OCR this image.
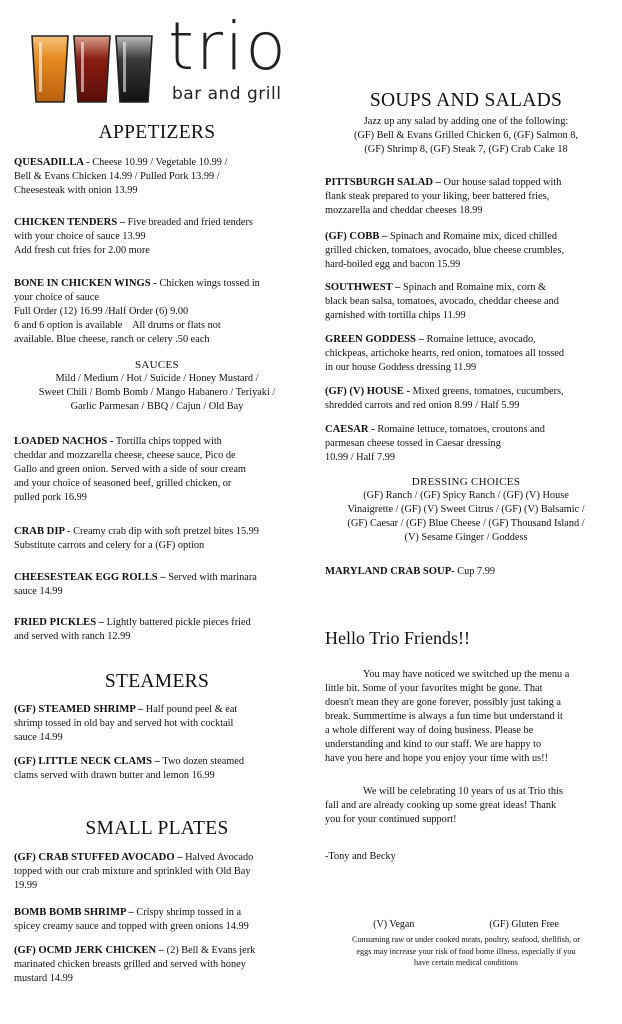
trio
bar and grill
APPETIZERS
QUESADILLA - Cheese 10.99 / Vegetable 10.99 /
Bell & Evans Chicken 14.99 / Pulled Pork 13.99 /
Cheesesteak with onion 13.99
CHICKEN TENDERS – Five breaded and fried tenders
with your choice of sauce 13.99
Add fresh cut fries for 2.00 more
BONE IN CHICKEN WINGS - Chicken wings tossed in
your choice of sauce
Full Order (12) 16.99 /Half Order (6) 9.00
6 and 6 option is available    All drums or flats not
available. Blue cheese, ranch or celery .50 each
SAUCES
Mild / Medium / Hot / Suicide / Honey Mustard /
Sweet Chili / Bomb Bomb / Mango Habanero / Teriyaki /
Garlic Parmesan / BBQ / Cajun / Old Bay
LOADED NACHOS - Tortilla chips topped with
cheddar and mozzarella cheese, cheese sauce, Pico de
Gallo and green onion. Served with a side of sour cream
and your choice of seasoned beef, grilled chicken, or
pulled pork 16.99
CRAB DIP - Creamy crab dip with soft pretzel bites 15.99
Substitute carrots and celery for a (GF) option
CHEESESTEAK EGG ROLLS – Served with marinara
sauce 14.99
FRIED PICKLES – Lightly battered pickle pieces fried
and served with ranch 12.99
STEAMERS
(GF) STEAMED SHRIMP – Half pound peel & eat
shrimp tossed in old bay and served hot with cocktail
sauce 14.99
(GF) LITTLE NECK CLAMS – Two dozen steamed
clams served with drawn butter and lemon 16.99
SMALL PLATES
(GF) CRAB STUFFED AVOCADO – Halved Avocado
topped with our crab mixture and sprinkled with Old Bay
19.99
BOMB BOMB SHRIMP – Crispy shrimp tossed in a
spicey creamy sauce and topped with green onions 14.99
(GF) OCMD JERK CHICKEN – (2) Bell & Evans jerk
marinated chicken breasts grilled and served with honey
mustard 14.99
SOUPS AND SALADS
Jazz up any salad by adding one of the following:
(GF) Bell & Evans Grilled Chicken 6, (GF) Salmon 8,
(GF) Shrimp 8, (GF) Steak 7, (GF) Crab Cake 18
PITTSBURGH SALAD – Our house salad topped with
flank steak prepared to your liking, beer battered fries,
mozzarella and cheddar cheeses 18.99
(GF) COBB – Spinach and Romaine mix, diced chilled
grilled chicken, tomatoes, avocado, blue cheese crumbles,
hard-boiled egg and bacon 15.99
SOUTHWEST – Spinach and Romaine mix, corn &
black bean salsa, tomatoes, avocado, cheddar cheese and
garnished with tortilla chips 11.99
GREEN GODDESS – Romaine lettuce, avocado,
chickpeas, artichoke hearts, red onion, tomatoes all tossed
in our house Goddess dressing 11.99
(GF) (V) HOUSE - Mixed greens, tomatoes, cucumbers,
shredded carrots and red onion 8.99 / Half 5.99
CAESAR - Romaine lettuce, tomatoes, croutons and
parmesan cheese tossed in Caesar dressing
10.99 / Half 7.99
DRESSING CHOICES
(GF) Ranch / (GF) Spicy Ranch / (GF) (V) House
Vinaigrette / (GF) (V) Sweet Citrus / (GF) (V) Balsamic /
(GF) Caesar / (GF) Blue Cheese / (GF) Thousand Island /
(V) Sesame Ginger / Goddess
MARYLAND CRAB SOUP- Cup 7.99
Hello Trio Friends!!
You may have noticed we switched up the menu a
little bit. Some of your favorites might be gone. That
doesn't mean they are gone forever, possibly just taking a
break. Summertime is always a fun time but understand it
a whole different way of doing business. Please be
understanding and kind to our staff. We are happy to
have you here and hope you enjoy your time with us!!
We will be celebrating 10 years of us at Trio this
fall and are already cooking up some great ideas! Thank
you for your continued support!
-Tony and Becky
(V) Vegan	(GF) Gluten Free
Consuming raw or under cooked meats, poultry, seafood, shellfish, or
eggs may increase your risk of food borne illness, especially if you
have certain medical conditions
